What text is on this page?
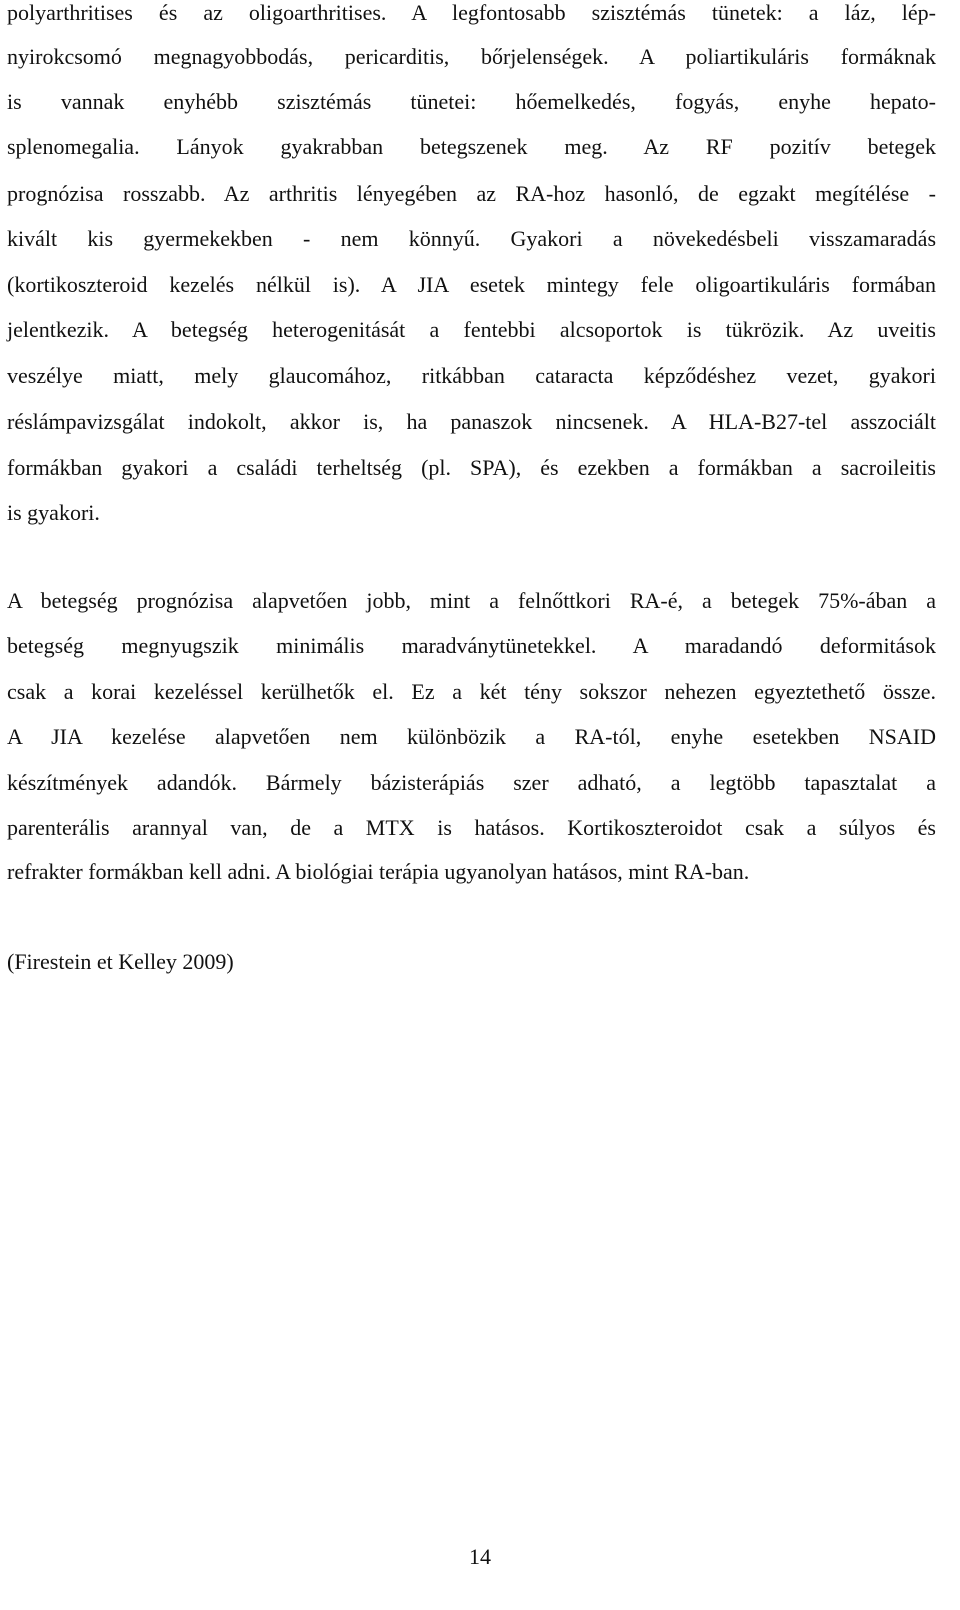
polyarthritises és az oligoarthritises. A legfontosabb szisztémás tünetek: a láz, lép-
nyirokcsomó megnagyobbodás, pericarditis, bőrjelenségek. A poliartikuláris formáknak
is vannak enyhébb szisztémás tünetei: hőemelkedés, fogyás, enyhe hepato-
splenomegalia. Lányok gyakrabban betegszenek meg. Az RF pozitív betegek
prognózisa rosszabb. Az arthritis lényegében az RA-hoz hasonló, de egzakt megítélése -
kivált kis gyermekekben - nem könnyű. Gyakori a növekedésbeli visszamaradás
(kortikoszteroid kezelés nélkül is). A JIA esetek mintegy fele oligoartikuláris formában
jelentkezik. A betegség heterogenitását a fentebbi alcsoportok is tükrözik. Az uveitis
veszélye miatt, mely glaucomához, ritkábban cataracta képződéshez vezet, gyakori
réslámpavizsgálat indokolt, akkor is, ha panaszok nincsenek. A HLA-B27-tel asszociált
formákban gyakori a családi terheltség (pl. SPA), és ezekben a formákban a sacroileitis
is gyakori.
A betegség prognózisa alapvetően jobb, mint a felnőttkori RA-é, a betegek 75%-ában a
betegség megnyugszik minimális maradványtünetekkel. A maradandó deformitások
csak a korai kezeléssel kerülhetők el. Ez a két tény sokszor nehezen egyeztethető össze.
A JIA kezelése alapvetően nem különbözik a RA-tól, enyhe esetekben NSAID
készítmények adandók. Bármely bázisterápiás szer adható, a legtöbb tapasztalat a
parenterális arannyal van, de a MTX is hatásos. Kortikoszteroidot csak a súlyos és
refrakter formákban kell adni. A biológiai terápia ugyanolyan hatásos, mint RA-ban.
(Firestein et Kelley 2009)
14
